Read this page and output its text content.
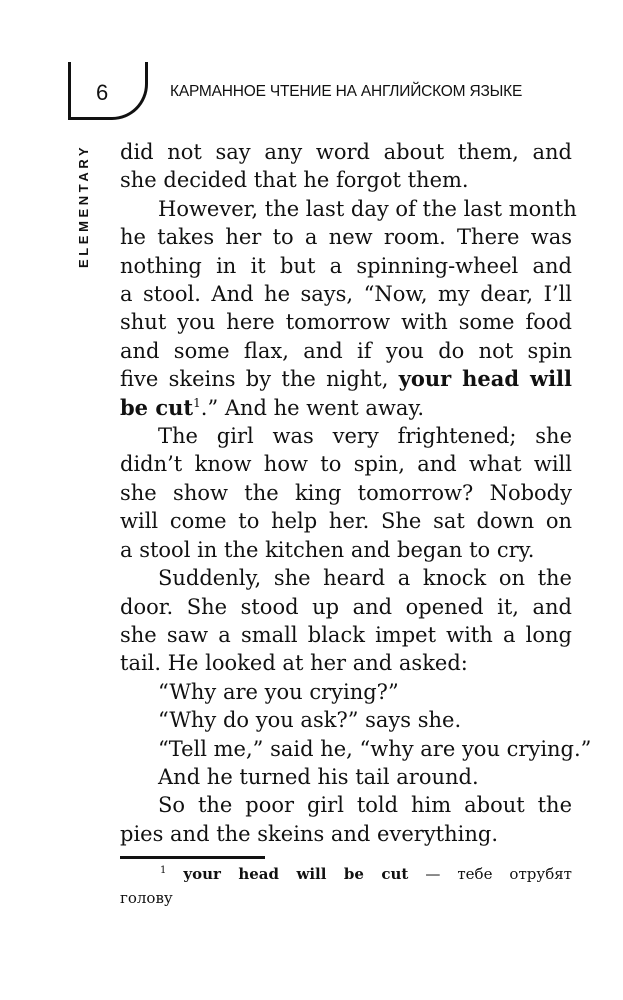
6	КАРМАННОЕ ЧТЕНИЕ НА АНГЛИЙСКОМ ЯЗЫКЕ
ELEMENTARY did not say any word about them, and
she decided that he forgot them.
However, the last day of the last month
he takes her to a new room. There was
nothing in it but a spinning-wheel and
a stool. And he says, “Now, my dear, I’ll
shut you here tomorrow with some food
and some flax, and if you do not spin
five skeins by the night, your head will
be cut$^1$.” And he went away.
The girl was very frightened; she
didn’t know how to spin, and what will
she show the king tomorrow? Nobody
will come to help her. She sat down on
a stool in the kitchen and began to cry.
Suddenly, she heard a knock on the
door. She stood up and opened it, and
she saw a small black impet with a long
tail. He looked at her and asked:
“Why are you crying?”
“Why do you ask?” says she.
“Tell me,” said he, “why are you crying.”
And he turned his tail around.
So the poor girl told him about the
pies and the skeins and everything.
$^1$ your head will be cut — тебе отрубят
голову
